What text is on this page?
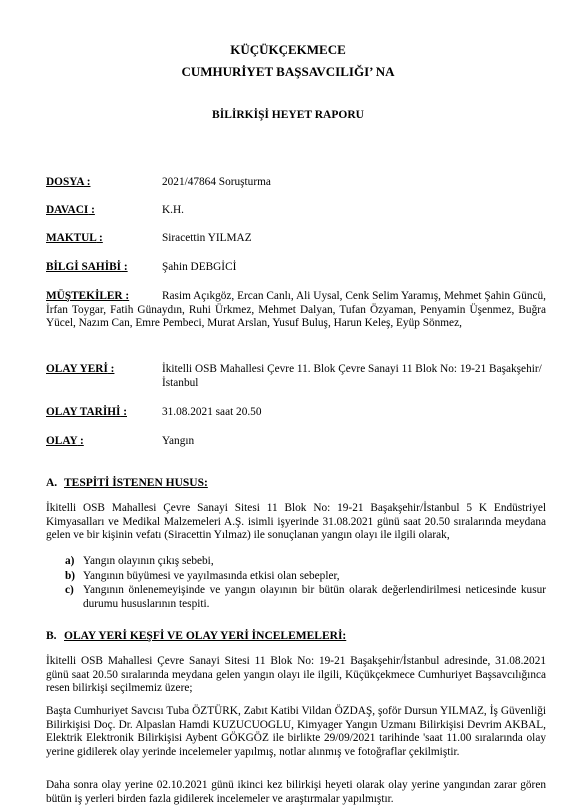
KÜÇÜKÇEKMECE
CUMHURİYET BAŞSAVCILIĞI’ NA
BİLİRKİŞİ HEYET RAPORU
DOSYA :	2021/47864 Soruşturma
DAVACI :	K.H.
MAKTUL :	Siracettin YILMAZ
BİLGİ SAHİBİ :	Şahin DEBGİCİ
MÜŞTEKİLER :	Rasim Açıkgöz, Ercan Canlı, Ali Uysal, Cenk Selim Yaramış, Mehmet Şahin Güncü, İrfan Toygar, Fatih Günaydın, Ruhi Ürkmez, Mehmet Dalyan, Tufan Özyaman, Penyamin Üşenmez, Buğra Yücel, Nazım Can, Emre Pembeci, Murat Arslan, Yusuf Buluş, Harun Keleş, Eyüp Sönmez,
OLAY YERİ :	İkitelli OSB Mahallesi Çevre 11. Blok Çevre Sanayi 11 Blok No: 19-21 Başakşehir/İstanbul
OLAY TARİHİ :	31.08.2021 saat 20.50
OLAY :	Yangın
A. TESPİTİ İSTENEN HUSUS:
İkitelli OSB Mahallesi Çevre Sanayi Sitesi 11 Blok No: 19-21 Başakşehir/İstanbul 5 K Endüstriyel Kimyasalları ve Medikal Malzemeleri A.Ş. isimli işyerinde 31.08.2021 günü saat 20.50 sıralarında meydana gelen ve bir kişinin vefatı (Siracettin Yılmaz) ile sonuçlanan yangın olayı ile ilgili olarak,
a) Yangın olayının çıkış sebebi,
b) Yangının büyümesi ve yayılmasında etkisi olan sebepler,
c) Yangının önlenemeyişinde ve yangın olayının bir bütün olarak değerlendirilmesi neticesinde kusur durumu hususlarının tespiti.
B. OLAY YERİ KEŞFİ VE OLAY YERİ İNCELEMELERİ:
İkitelli OSB Mahallesi Çevre Sanayi Sitesi 11 Blok No: 19-21 Başakşehir/İstanbul adresinde, 31.08.2021 günü saat 20.50 sıralarında meydana gelen yangın olayı ile ilgili, Küçükçekmece Cumhuriyet Başsavcılığınca resen bilirkişi seçilmemiz üzere;
Başta Cumhuriyet Savcısı Tuba ÖZTÜRK, Zabıt Katibi Vildan ÖZDAŞ, şoför Dursun YILMAZ, İş Güvenliği Bilirkişisi Doç. Dr. Alpaslan Hamdi KUZUCUOGLU, Kimyager Yangın Uzmanı Bilirkişisi Devrim AKBAL, Elektrik Elektronik Bilirkişisi Aybent GÖKGÖZ ile birlikte 29/09/2021 tarihinde 'saat 11.00 sıralarında olay yerine gidilerek olay yerinde incelemeler yapılmış, notlar alınmış ve fotoğraflar çekilmiştir.
Daha sonra olay yerine 02.10.2021 günü ikinci kez bilirkişi heyeti olarak olay yerine yangından zarar gören bütün iş yerleri birden fazla gidilerek incelemeler ve araştırmalar yapılmıştır.
